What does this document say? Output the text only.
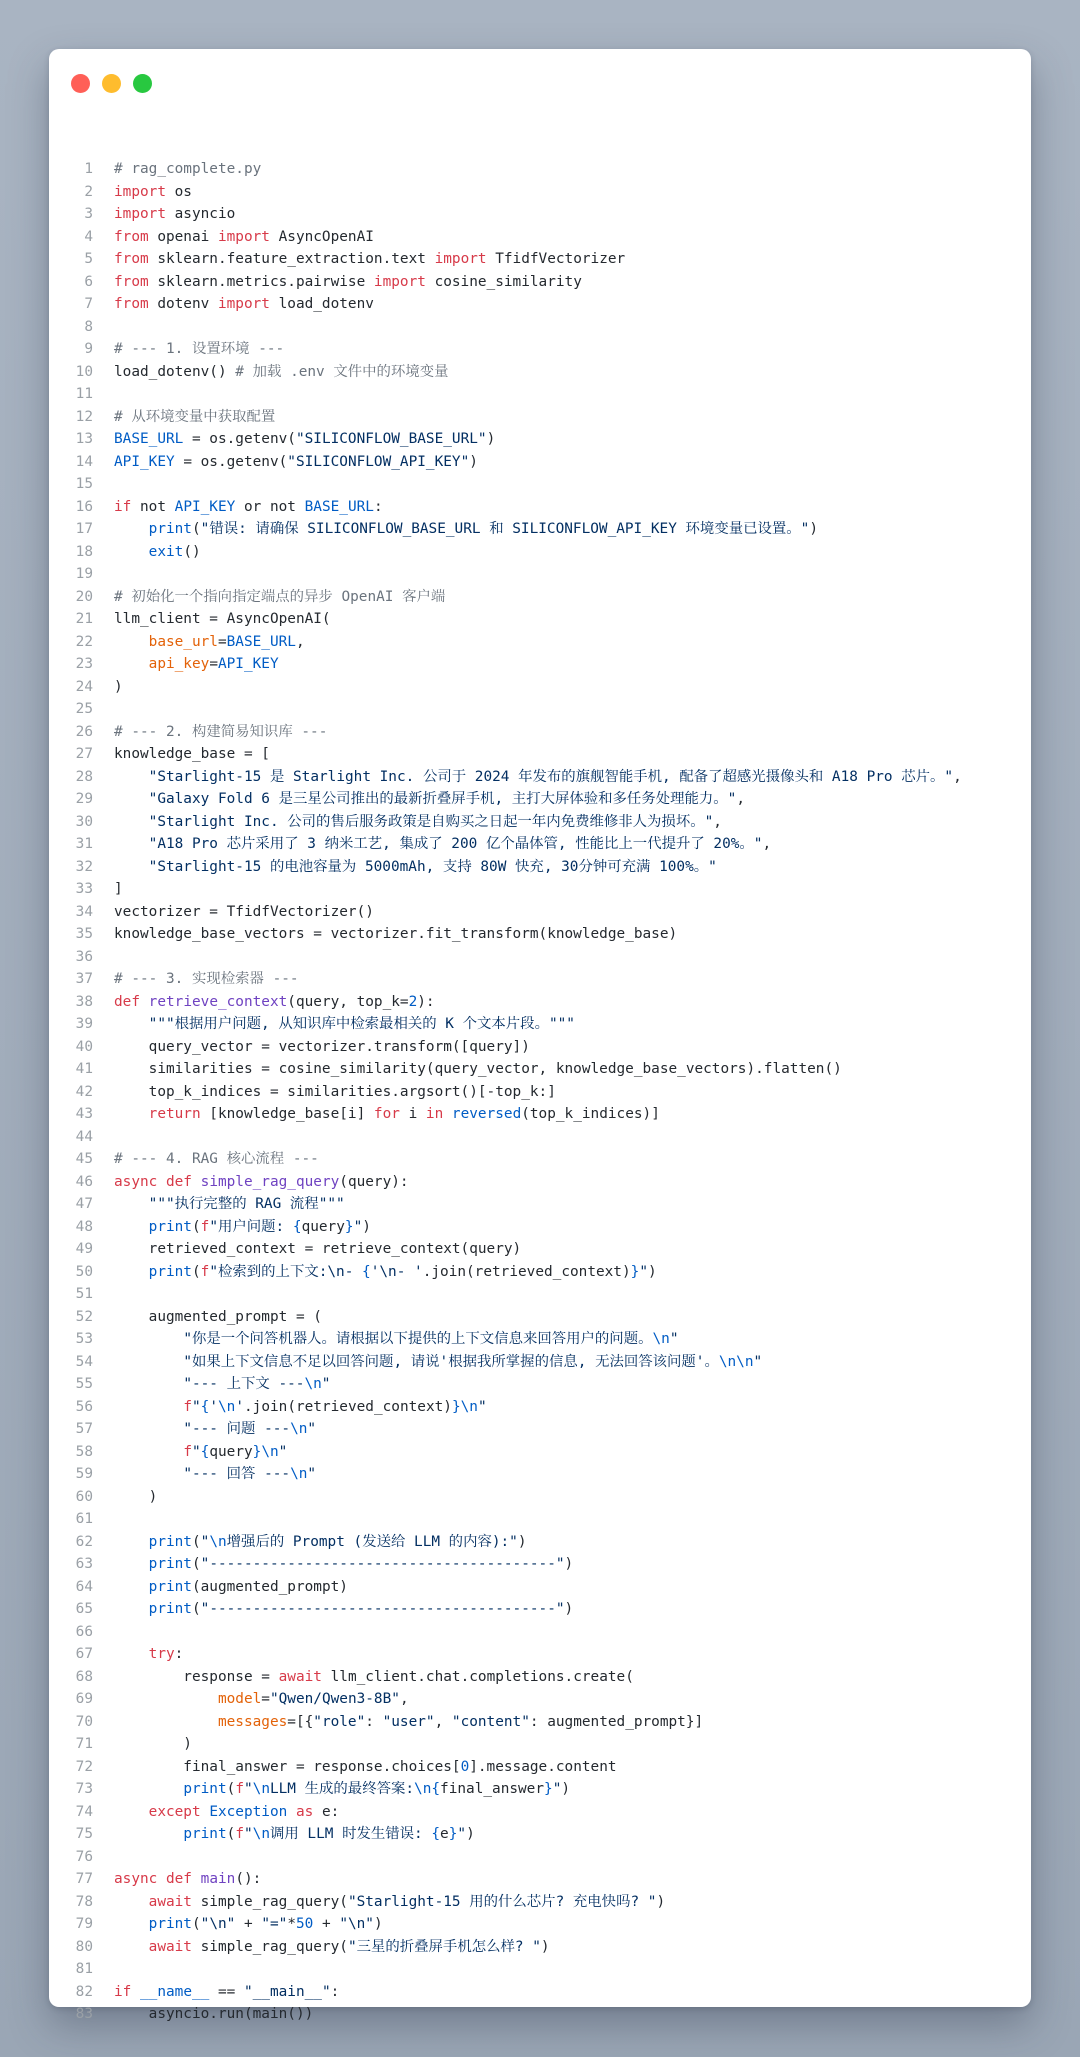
1	# rag_complete.py
2	import os
3	import asyncio
4	from openai import AsyncOpenAI
5	from sklearn.feature_extraction.text import TfidfVectorizer
6	from sklearn.metrics.pairwise import cosine_similarity
7	from dotenv import load_dotenv
8
9	# --- 1. 设置环境 ---
10	load_dotenv() # 加载 .env 文件中的环境变量
11
12	# 从环境变量中获取配置
13	BASE_URL = os.getenv("SILICONFLOW_BASE_URL")
14	API_KEY = os.getenv("SILICONFLOW_API_KEY")
15
16	if not API_KEY or not BASE_URL:
17	print("错误: 请确保 SILICONFLOW_BASE_URL 和 SILICONFLOW_API_KEY 环境变量已设置。")
18	exit()
19
20	# 初始化一个指向指定端点的异步 OpenAI 客户端
21	llm_client = AsyncOpenAI(
22	base_url=BASE_URL,
23	api_key=API_KEY
24	)
25
26	# --- 2. 构建简易知识库 ---
27	knowledge_base = [
28	"Starlight-15 是 Starlight Inc. 公司于 2024 年发布的旗舰智能手机, 配备了超感光摄像头和 A18 Pro 芯片。",
29	"Galaxy Fold 6 是三星公司推出的最新折叠屏手机, 主打大屏体验和多任务处理能力。",
30	"Starlight Inc. 公司的售后服务政策是自购买之日起一年内免费维修非人为损坏。",
31	"A18 Pro 芯片采用了 3 纳米工艺, 集成了 200 亿个晶体管, 性能比上一代提升了 20%。",
32	"Starlight-15 的电池容量为 5000mAh, 支持 80W 快充, 30分钟可充满 100%。"
33	]
34	vectorizer = TfidfVectorizer()
35	knowledge_base_vectors = vectorizer.fit_transform(knowledge_base)
36
37	# --- 3. 实现检索器 ---
38	def retrieve_context(query, top_k=2):
39	"""根据用户问题, 从知识库中检索最相关的 K 个文本片段。"""
40	query_vector = vectorizer.transform([query])
41	similarities = cosine_similarity(query_vector, knowledge_base_vectors).flatten()
42	top_k_indices = similarities.argsort()[-top_k:]
43	return [knowledge_base[i] for i in reversed(top_k_indices)]
44
45	# --- 4. RAG 核心流程 ---
46	async def simple_rag_query(query):
47	"""执行完整的 RAG 流程"""
48	print(f"用户问题: {query}")
49	retrieved_context = retrieve_context(query)
50	print(f"检索到的上下文:\n- {'\n- '.join(retrieved_context)}")
51
52	augmented_prompt = (
53	"你是一个问答机器人。请根据以下提供的上下文信息来回答用户的问题。\n"
54	"如果上下文信息不足以回答问题, 请说'根据我所掌握的信息, 无法回答该问题'。\n\n"
55	"--- 上下文 ---\n"
56	f"{'\n'.join(retrieved_context)}\n"
57	"--- 问题 ---\n"
58	f"{query}\n"
59	"--- 回答 ---\n"
60	)
61
62	print("\n增强后的 Prompt (发送给 LLM 的内容):")
63	print("----------------------------------------")
64	print(augmented_prompt)
65	print("----------------------------------------")
66
67	try:
68	response = await llm_client.chat.completions.create(
69	model="Qwen/Qwen3-8B",
70	messages=[{"role": "user", "content": augmented_prompt}]
71	)
72	final_answer = response.choices[0].message.content
73	print(f"\nLLM 生成的最终答案:\n{final_answer}")
74	except Exception as e:
75	print(f"\n调用 LLM 时发生错误: {e}")
76
77	async def main():
78	await simple_rag_query("Starlight-15 用的什么芯片? 充电快吗? ")
79	print("\n" + "="*50 + "\n")
80	await simple_rag_query("三星的折叠屏手机怎么样? ")
81
82	if __name__ == "__main__":
83	asyncio.run(main())
